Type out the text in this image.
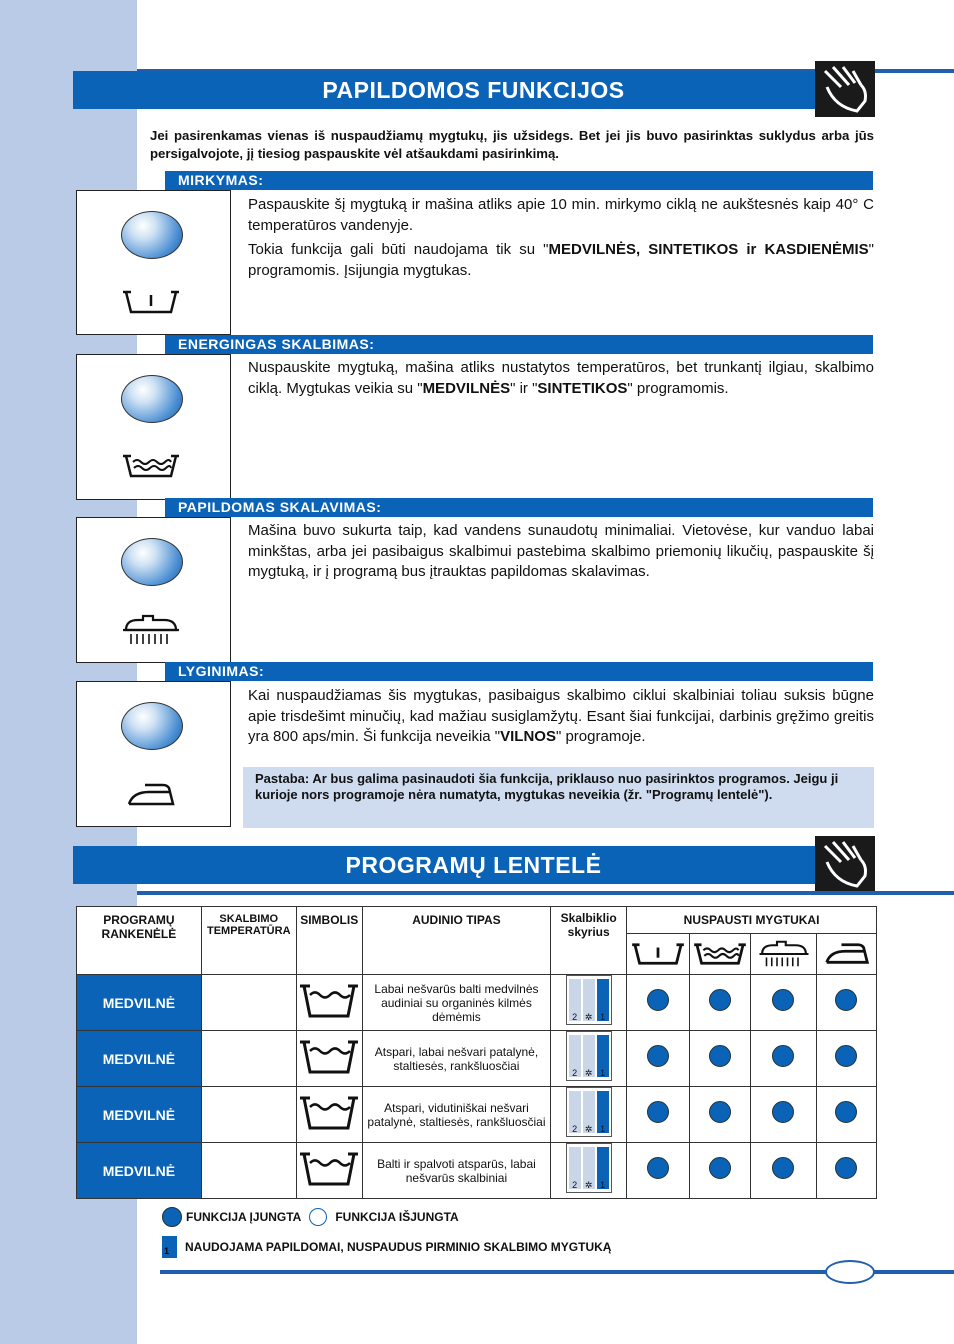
PAPILDOMOS FUNKCIJOS
Jei pasirenkamas vienas iš nuspaudžiamų mygtukų, jis užsidegs. Bet jei jis buvo pasirinktas suklydus arba jūs persigalvojote, jį tiesiog paspauskite vėl atšaukdami pasirinkimą.
MIRKYMAS:

Paspauskite šį mygtuką ir mašina atliks apie 10 min. mirkymo ciklą ne aukštesnės kaip 40° C temperatūros vandenyje.

Tokia funkcija gali būti naudojama tik su "MEDVILNĖS, SINTETIKOS ir KASDIENĖMIS" programomis. Įsijungia mygtukas.

ENERGINGAS SKALBIMAS:

Nuspauskite mygtuką, mašina atliks nustatytos temperatūros, bet trunkantį ilgiau, skalbimo ciklą. Mygtukas veikia su "MEDVILNĖS" ir "SINTETIKOS" programomis.

PAPILDOMAS SKALAVIMAS:

Mašina buvo sukurta taip, kad vandens sunaudotų minimaliai. Vietovėse, kur vanduo labai minkštas, arba jei pasibaigus skalbimui pastebima skalbimo priemonių likučių, paspauskite šį mygtuką, ir į programą bus įtrauktas papildomas skalavimas.

LYGINIMAS:

Kai nuspaudžiamas šis mygtukas, pasibaigus skalbimo ciklui skalbiniai toliau suksis būgne apie trisdešimt minučių, kad mažiau susiglamžytų. Esant šiai funkcijai, darbinis gręžimo greitis yra 800 aps/min. Ši funkcija neveikia "VILNOS" programoje.

Pastaba: Ar bus galima pasinaudoti šia funkcija, priklauso nuo pasirinktos programos. Jeigu ji kurioje nors programoje nėra numatyta, mygtukas neveikia (žr. "Programų lentelė").
PROGRAMŲ LENTELĖ
PROGRAMŲ RANKENĖLĖ	SKALBIMO TEMPERATŪRA	SIMBOLIS	AUDINIO TIPAS	Skalbiklio skyrius	NUSPAUSTI MYGTUKAI			

MEDVILNĖ			Labai nešvarūs balti medvilnės audiniai su organinės kilmės dėmėmis	2 ✲ 1				

MEDVILNĖ			Atspari, labai nešvari patalynė, staltiesės, rankšluosčiai	2 ✲ 1				

MEDVILNĖ			Atspari, vidutiniškai nešvari patalynė, staltiesės, rankšluosčiai	2 ✲ 1				

MEDVILNĖ			Balti ir spalvoti atsparūs, labai nešvarūs skalbiniai	2 ✲ 1				

FUNKCIJA ĮJUNGTA	FUNKCIJA IŠJUNGTA
1	NAUDOJAMA PAPILDOMAI, NUSPAUDUS PIRMINIO SKALBIMO MYGTUKĄ
